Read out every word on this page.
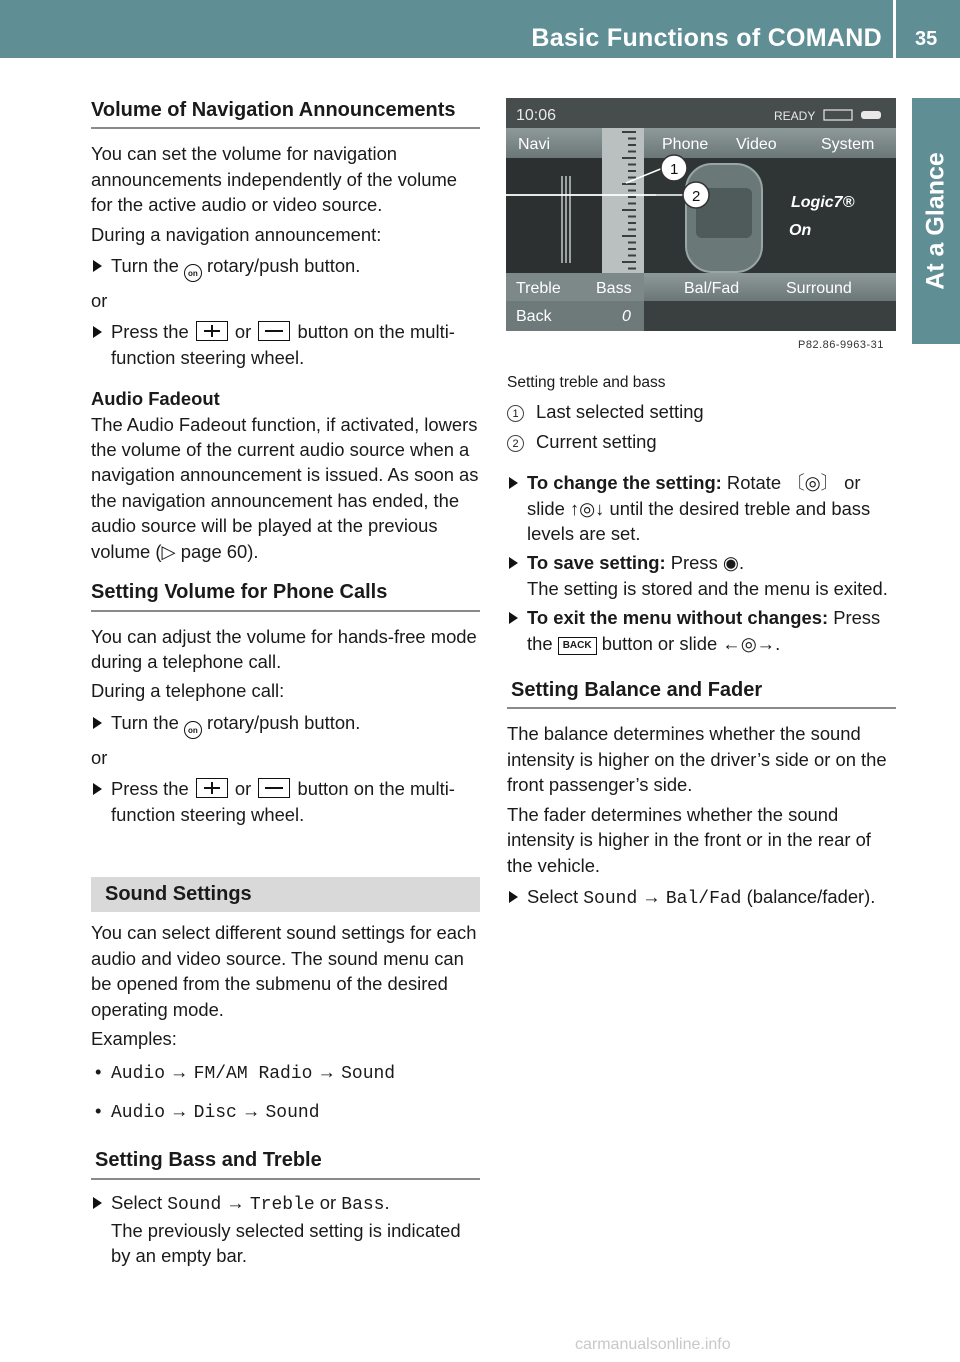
Basic Functions of COMAND 35
At a Glance

Volume of Navigation Announcements

You can set the volume for navigation announcements independently of the volume for the active audio or video source.

During a navigation announcement:

Turn the on rotary/push button.

or

Press the  or  button on the multi-function steering wheel.

Audio Fadeout

The Audio Fadeout function, if activated, lowers the volume of the current audio source when a navigation announcement is issued. As soon as the navigation announcement has ended, the audio source will be played at the previous volume (▷ page 60).

Setting Volume for Phone Calls

You can adjust the volume for hands-free mode during a telephone call.

During a telephone call:

Turn the on rotary/push button.

or

Press the  or  button on the multi-function steering wheel.

Sound Settings

You can select different sound settings for each audio and video source. The sound menu can be opened from the submenu of the desired operating mode.

Examples:

• Audio → FM/AM Radio → Sound

• Audio → Disc → Sound

Setting Bass and Treble

Select Sound → Treble or Bass.
The previously selected setting is indicated by an empty bar.

10:06	READY
Navi	Phone Video	System
Logic7®
On
1
2
Treble Bass	Bal/Fad	Surround
Back	0
P82.86-9963-31

Setting treble and bass

1 Last selected setting

2 Current setting

To change the setting: Rotate 〔◎〕 or slide ↑◎↓ until the desired treble and bass levels are set.

To save setting: Press ◉.
The setting is stored and the menu is exited.

To exit the menu without changes: Press the BACK button or slide ←◎→.

Setting Balance and Fader

The balance determines whether the sound intensity is higher on the driver’s side or on the front passenger’s side.

The fader determines whether the sound intensity is higher in the front or in the rear of the vehicle.

Select Sound → Bal/Fad (balance/fader).

carmanualsonline.info
